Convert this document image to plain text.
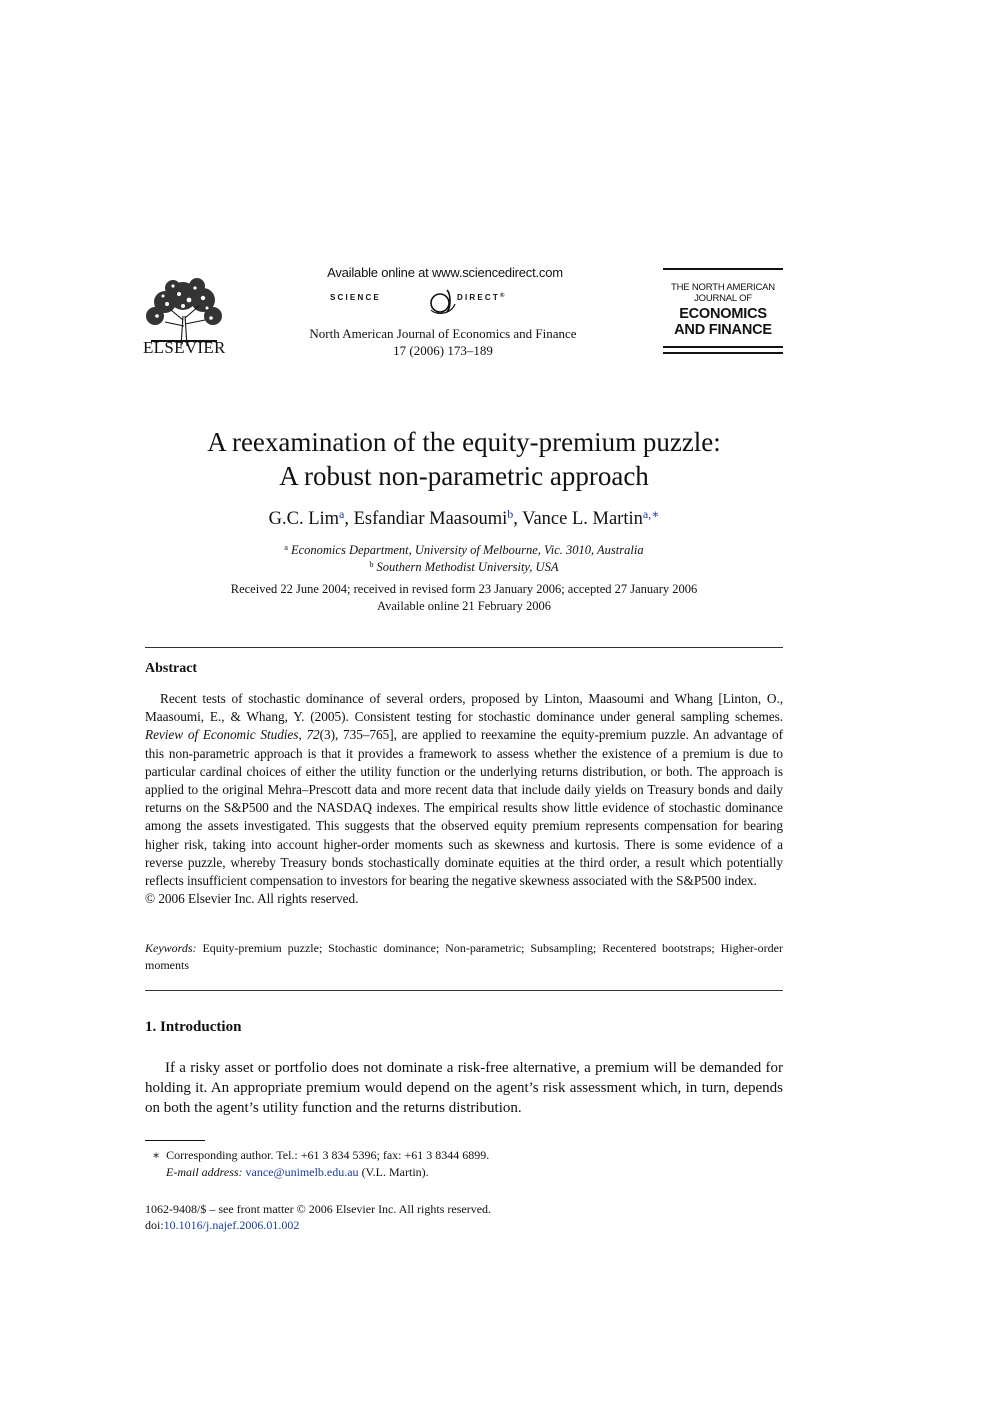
ELSEVIER
Available online at www.sciencedirect.com
SCIENCE	DIRECT®
North American Journal of Economics and Finance
17 (2006) 173–189
THE NORTH AMERICAN
JOURNAL OF
ECONOMICS
AND FINANCE
A reexamination of the equity-premium puzzle:
A robust non-parametric approach
G.C. Lim$^a$, Esfandiar Maasoumi$^b$, Vance L. Martin$^{a,∗}$
$^a$ Economics Department, University of Melbourne, Vic. 3010, Australia
$^b$ Southern Methodist University, USA
Received 22 June 2004; received in revised form 23 January 2006; accepted 27 January 2006
Available online 21 February 2006
Abstract
Recent tests of stochastic dominance of several orders, proposed by Linton, Maasoumi and Whang [Linton, O., Maasoumi, E., & Whang, Y. (2005). Consistent testing for stochastic dominance under general sampling schemes. Review of Economic Studies, 72(3), 735–765], are applied to reexamine the equity-premium puzzle. An advantage of this non-parametric approach is that it provides a framework to assess whether the existence of a premium is due to particular cardinal choices of either the utility function or the underlying returns distribution, or both. The approach is applied to the original Mehra–Prescott data and more recent data that include daily yields on Treasury bonds and daily returns on the S&P500 and the NASDAQ indexes. The empirical results show little evidence of stochastic dominance among the assets investigated. This suggests that the observed equity premium represents compensation for bearing higher risk, taking into account higher-order moments such as skewness and kurtosis. There is some evidence of a reverse puzzle, whereby Treasury bonds stochastically dominate equities at the third order, a result which potentially reflects insufficient compensation to investors for bearing the negative skewness associated with the S&P500 index.
© 2006 Elsevier Inc. All rights reserved.
Keywords: Equity-premium puzzle; Stochastic dominance; Non-parametric; Subsampling; Recentered bootstraps; Higher-order moments
1. Introduction
If a risky asset or portfolio does not dominate a risk-free alternative, a premium will be demanded for holding it. An appropriate premium would depend on the agent’s risk assessment which, in turn, depends on both the agent’s utility function and the returns distribution.
∗ Corresponding author. Tel.: +61 3 834 5396; fax: +61 3 8344 6899.
E-mail address: vance@unimelb.edu.au (V.L. Martin).
1062-9408/$ – see front matter © 2006 Elsevier Inc. All rights reserved.
doi:10.1016/j.najef.2006.01.002
